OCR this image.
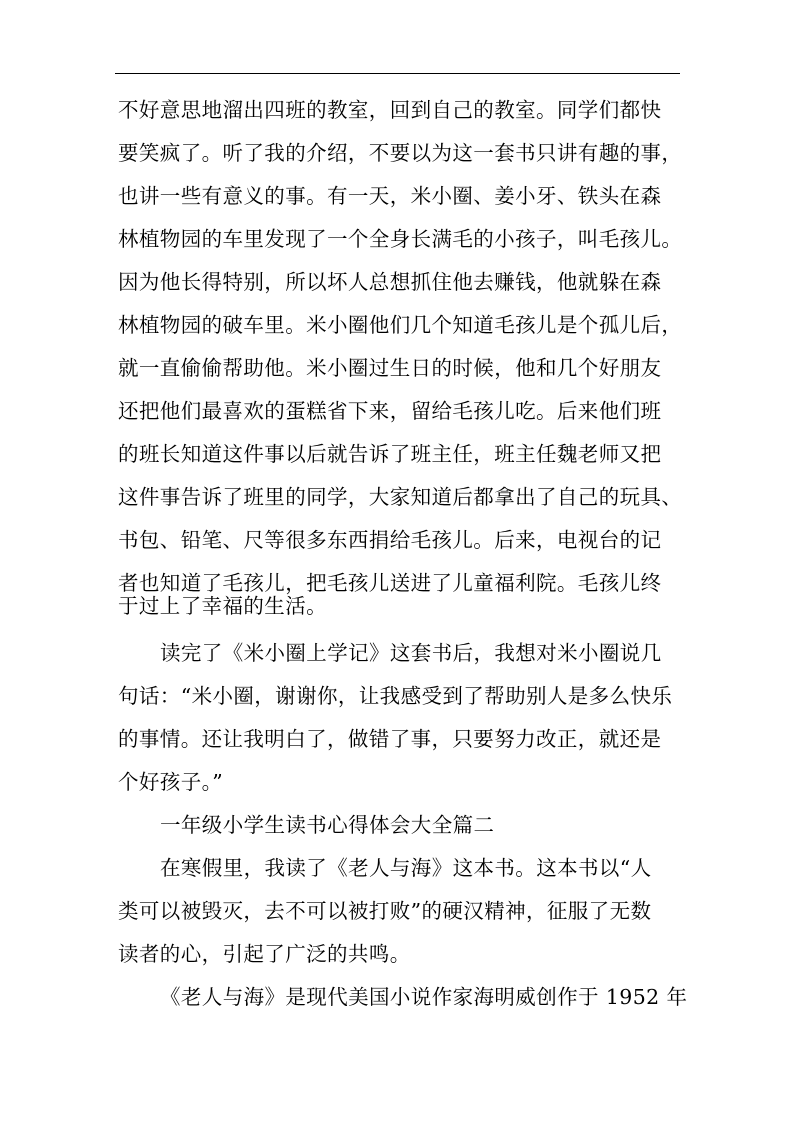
不好意思地溜出四班的教室，回到自己的教室。同学们都快
要笑疯了。听了我的介绍，不要以为这一套书只讲有趣的事，
也讲一些有意义的事。有一天，米小圈、姜小牙、铁头在森
林植物园的车里发现了一个全身长满毛的小孩子，叫毛孩儿。
因为他长得特别，所以坏人总想抓住他去赚钱，他就躲在森
林植物园的破车里。米小圈他们几个知道毛孩儿是个孤儿后，
就一直偷偷帮助他。米小圈过生日的时候，他和几个好朋友
还把他们最喜欢的蛋糕省下来，留给毛孩儿吃。后来他们班
的班长知道这件事以后就告诉了班主任，班主任魏老师又把
这件事告诉了班里的同学，大家知道后都拿出了自己的玩具、
书包、铅笔、尺等很多东西捐给毛孩儿。后来，电视台的记
者也知道了毛孩儿，把毛孩儿送进了儿童福利院。毛孩儿终
于过上了幸福的生活。
读完了《米小圈上学记》这套书后，我想对米小圈说几
句话：“米小圈，谢谢你，让我感受到了帮助别人是多么快乐
的事情。还让我明白了，做错了事，只要努力改正，就还是
个好孩子。”
一年级小学生读书心得体会大全篇二
在寒假里，我读了《老人与海》这本书。这本书以“人
类可以被毁灭，去不可以被打败”的硬汉精神，征服了无数
读者的心，引起了广泛的共鸣。
《老人与海》是现代美国小说作家海明威创作于 1952 年
